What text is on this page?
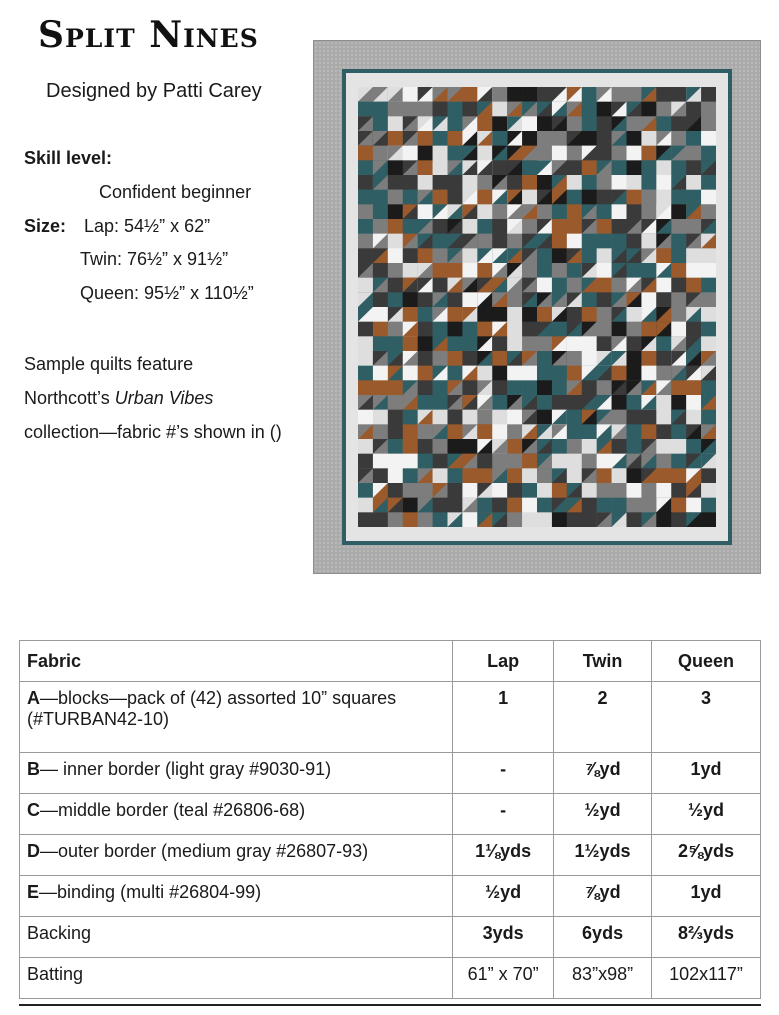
Split Nines
Designed by Patti Carey
Skill level:
Confident beginner
Size: Lap: 54½” x 62”
Twin: 76½” x 91½”
Queen: 95½” x 110½”
Sample quilts feature
Northcott’s Urban Vibes
collection—fabric #’s shown in ()
Fabric	Lap	Twin	Queen
A—blocks—pack of (42) assorted 10” squares (#TURBAN42-10)	1	2	3
B— inner border (light gray #9030-91)	-	⅞yd	1yd
C—middle border (teal #26806-68)	-	½yd	½yd
D—outer border (medium gray #26807-93)	1⅛yds	1½yds	2⅝yds
E—binding (multi #26804-99)	½yd	⅞yd	1yd
Backing	3yds	6yds	8⅔yds
Batting	61” x 70”	83”x98”	102x117”
